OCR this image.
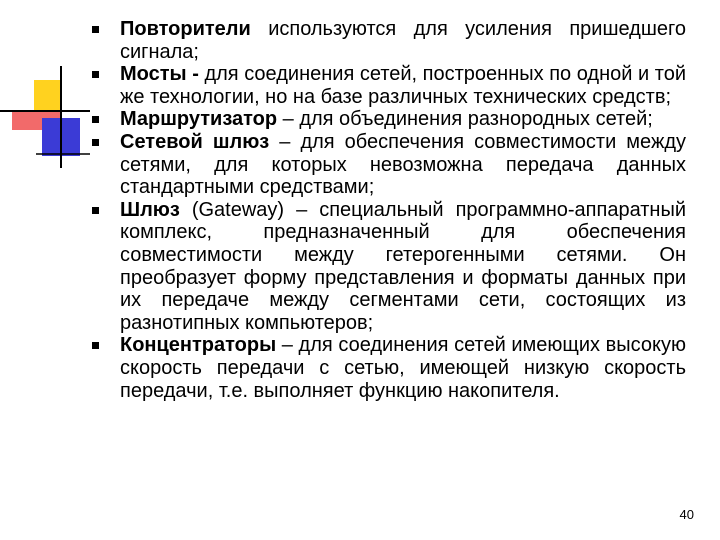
Повторители используются для усиления пришедшего сигнала;
Мосты - для соединения сетей, построенных по одной и той же технологии, но на базе различных технических средств;
Маршрутизатор – для объединения разнородных сетей;
Сетевой шлюз – для обеспечения совместимости между сетями, для которых невозможна передача данных стандартными средствами;
Шлюз (Gateway) – специальный программно-аппаратный комплекс, предназначенный для обеспечения совместимости между гетерогенными сетями. Он преобразует форму представления и форматы данных при их передаче между сегментами сети, состоящих из разнотипных компьютеров;
Концентраторы – для соединения сетей имеющих высокую скорость передачи с сетью, имеющей низкую скорость передачи, т.е. выполняет функцию накопителя.
40
